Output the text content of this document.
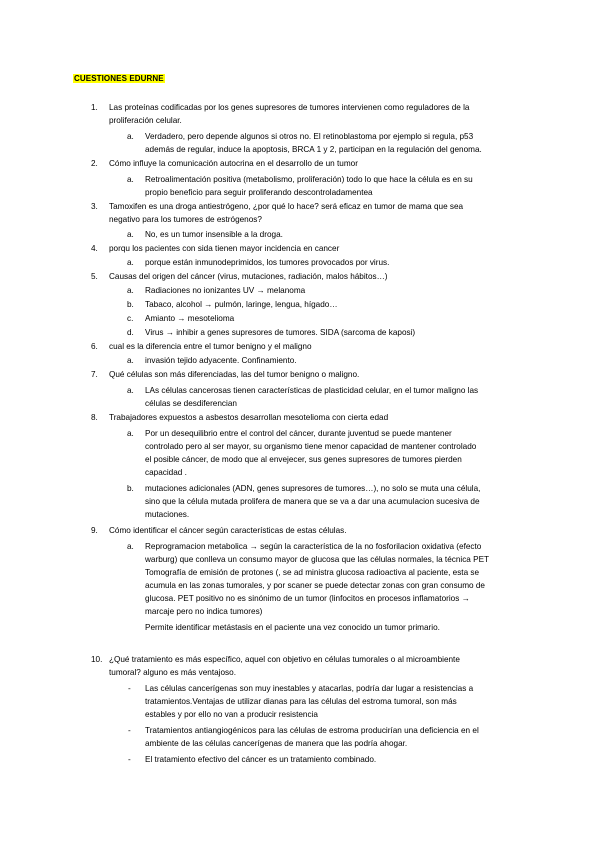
CUESTIONES EDURNE
1. Las proteínas codificadas por los genes supresores de tumores intervienen como reguladores de la
proliferación celular.
a. Verdadero, pero depende algunos si otros no. El retinoblastoma por ejemplo si regula, p53
además de regular, induce la apoptosis, BRCA 1 y 2, participan en la regulación del genoma.
2. Cómo influye la comunicación autocrina en el desarrollo de un tumor
a. Retroalimentación positiva (metabolismo, proliferación) todo lo que hace la célula es en su
propio beneficio para seguir proliferando descontroladamentea
3. Tamoxifen es una droga antiestrógeno, ¿por qué lo hace? será eficaz en tumor de mama que sea
negativo para los tumores de estrógenos?
a. No, es un tumor insensible a la droga.
4. porqu los pacientes con sida tienen mayor incidencia en cancer
a. porque están inmunodeprimidos, los tumores provocados por virus.
5. Causas del origen del cáncer (virus, mutaciones, radiación, malos hábitos…)
a. Radiaciones no ionizantes UV → melanoma
b. Tabaco, alcohol → pulmón, laringe, lengua, hígado…
c. Amianto → mesotelioma
d. Virus → inhibir a genes supresores de tumores. SIDA (sarcoma de kaposi)
6. cual es la diferencia entre el tumor benigno y el maligno
a. invasión tejido adyacente. Confinamiento.
7. Qué células son más diferenciadas, las del tumor benigno o maligno.
a. LAs células cancerosas tienen características de plasticidad celular, en el tumor maligno las
células se desdiferencian
8. Trabajadores expuestos a asbestos desarrollan mesotelioma con cierta edad
a. Por un desequilibrio entre el control del cáncer, durante juventud se puede mantener
controlado pero al ser mayor, su organismo tiene menor capacidad de mantener controlado
el posible cáncer, de modo que al envejecer, sus genes supresores de tumores pierden
capacidad .
b. mutaciones adicionales (ADN, genes supresores de tumores…), no solo se muta una célula,
sino que la célula mutada prolifera de manera que se va a dar una acumulacion sucesiva de
mutaciones.
9. Cómo identificar el cáncer según características de estas células.
a. Reprogramacion metabolica → según la característica de la no fosforilacion oxidativa (efecto
warburg) que conlleva un consumo mayor de glucosa que las células normales, la técnica PET
Tomografía de emisión de protones (, se ad ministra glucosa radioactiva al paciente, esta se
acumula en las zonas tumorales, y por scaner se puede detectar zonas con gran consumo de
glucosa. PET positivo no es sinónimo de un tumor (linfocitos en procesos inflamatorios →
marcaje pero no indica tumores)
Permite identificar metástasis en el paciente una vez conocido un tumor primario.
10. ¿Qué tratamiento es más específico, aquel con objetivo en células tumorales o al microambiente
tumoral? alguno es más ventajoso.
- Las células cancerígenas son muy inestables y atacarlas, podría dar lugar a resistencias a
tratamientos.Ventajas de utilizar dianas para las células del estroma tumoral, son más
estables y por ello no van a producir resistencia
- Tratamientos antiangiogénicos para las células de estroma producirían una deficiencia en el
ambiente de las células cancerígenas de manera que las podría ahogar.
- El tratamiento efectivo del cáncer es un tratamiento combinado.
